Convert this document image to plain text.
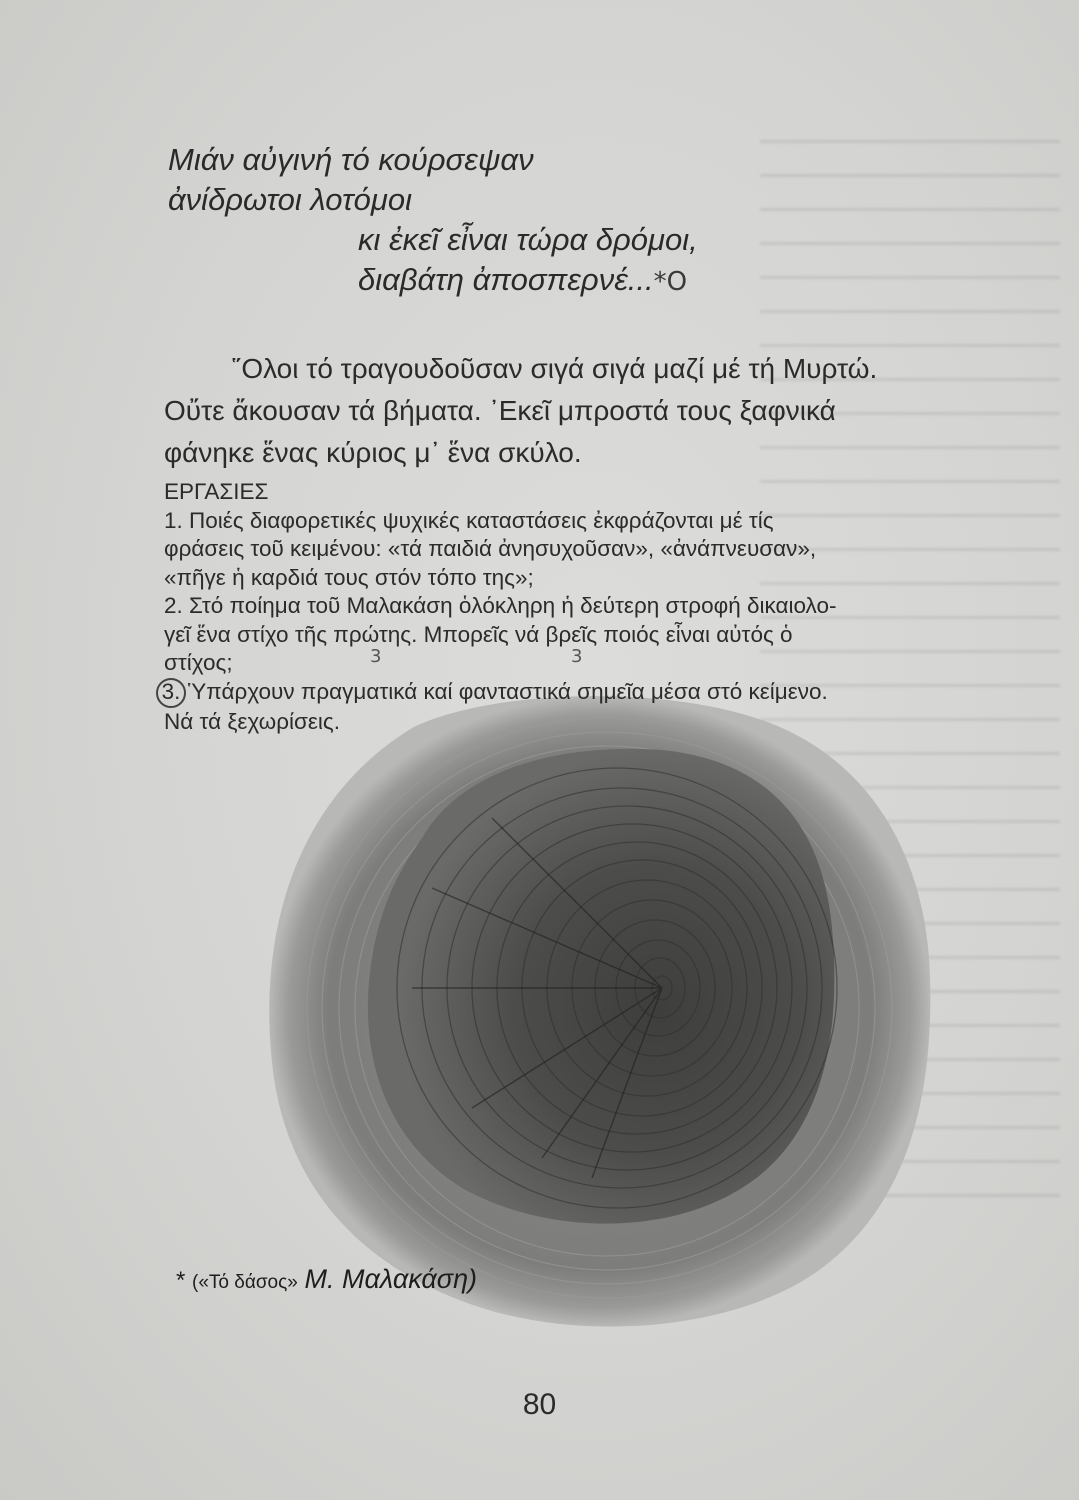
Μιάν αὐγινή τό κούρσεψαν
ἀνίδρωτοι λοτόμοι
κι ἐκεῖ εἶναι τώρα δρόμοι,
διαβάτη ἀποσπερνέ...*O
῞Ολοι τό τραγουδοῦσαν σιγά σιγά μαζί μέ τή Μυρτώ.
Οὔτε ἄκουσαν τά βήματα. ᾿Εκεῖ μπροστά τους ξαφνικά
φάνηκε ἕνας κύριος μ᾿ ἕνα σκύλο.
ΕΡΓΑΣΙΕΣ
1. Ποιές διαφορετικές ψυχικές καταστάσεις ἐκφράζονται μέ τίς
φράσεις τοῦ κειμένου: «τά παιδιά ἀνησυχοῦσαν», «ἀνάπνευσαν»,
«πῆγε ἡ καρδιά τους στόν τόπο της»;
2. Στό ποίημα τοῦ Μαλακάση ὁλόκληρη ἡ δεύτερη στροφή δικαιολο-
γεῖ ἕνα στίχο τῆς πρώτης. Μπορεῖς νά βρεῖς ποιός εἶναι αὐτός ὁ
στίχος;
3. Ὑπάρχουν πραγματικά καί φανταστικά σημεῖα μέσα στό κείμενο.
Νά τά ξεχωρίσεις.
3	3
* («Τό δάσος» Μ. Μαλακάση)
80
